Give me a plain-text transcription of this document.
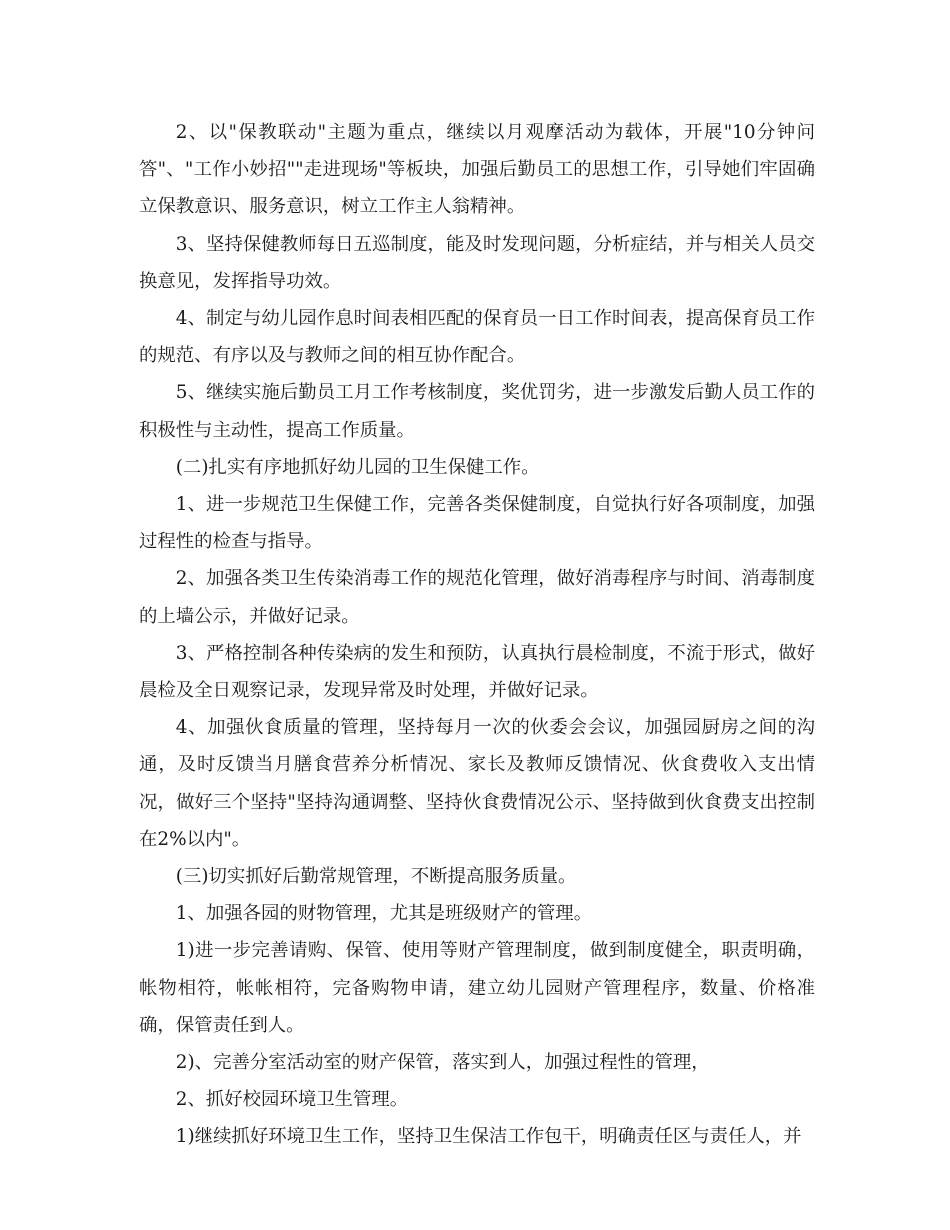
2、以"保教联动"主题为重点，继续以月观摩活动为载体，开展"10分钟问答"、"工作小妙招""走进现场"等板块，加强后勤员工的思想工作，引导她们牢固确立保教意识、服务意识，树立工作主人翁精神。

3、坚持保健教师每日五巡制度，能及时发现问题，分析症结，并与相关人员交换意见，发挥指导功效。

4、制定与幼儿园作息时间表相匹配的保育员一日工作时间表，提高保育员工作的规范、有序以及与教师之间的相互协作配合。

5、继续实施后勤员工月工作考核制度，奖优罚劣，进一步激发后勤人员工作的积极性与主动性，提高工作质量。

(二)扎实有序地抓好幼儿园的卫生保健工作。

1、进一步规范卫生保健工作，完善各类保健制度，自觉执行好各项制度，加强过程性的检查与指导。

2、加强各类卫生传染消毒工作的规范化管理，做好消毒程序与时间、消毒制度的上墙公示，并做好记录。

3、严格控制各种传染病的发生和预防，认真执行晨检制度，不流于形式，做好晨检及全日观察记录，发现异常及时处理，并做好记录。

4、加强伙食质量的管理，坚持每月一次的伙委会会议，加强园厨房之间的沟通，及时反馈当月膳食营养分析情况、家长及教师反馈情况、伙食费收入支出情况，做好三个坚持"坚持沟通调整、坚持伙食费情况公示、坚持做到伙食费支出控制在2%以内"。

(三)切实抓好后勤常规管理，不断提高服务质量。

1、加强各园的财物管理，尤其是班级财产的管理。

1)进一步完善请购、保管、使用等财产管理制度，做到制度健全，职责明确，帐物相符，帐帐相符，完备购物申请，建立幼儿园财产管理程序，数量、价格准确，保管责任到人。

2)、完善分室活动室的财产保管，落实到人，加强过程性的管理，

2、抓好校园环境卫生管理。

1)继续抓好环境卫生工作，坚持卫生保洁工作包干，明确责任区与责任人，并
